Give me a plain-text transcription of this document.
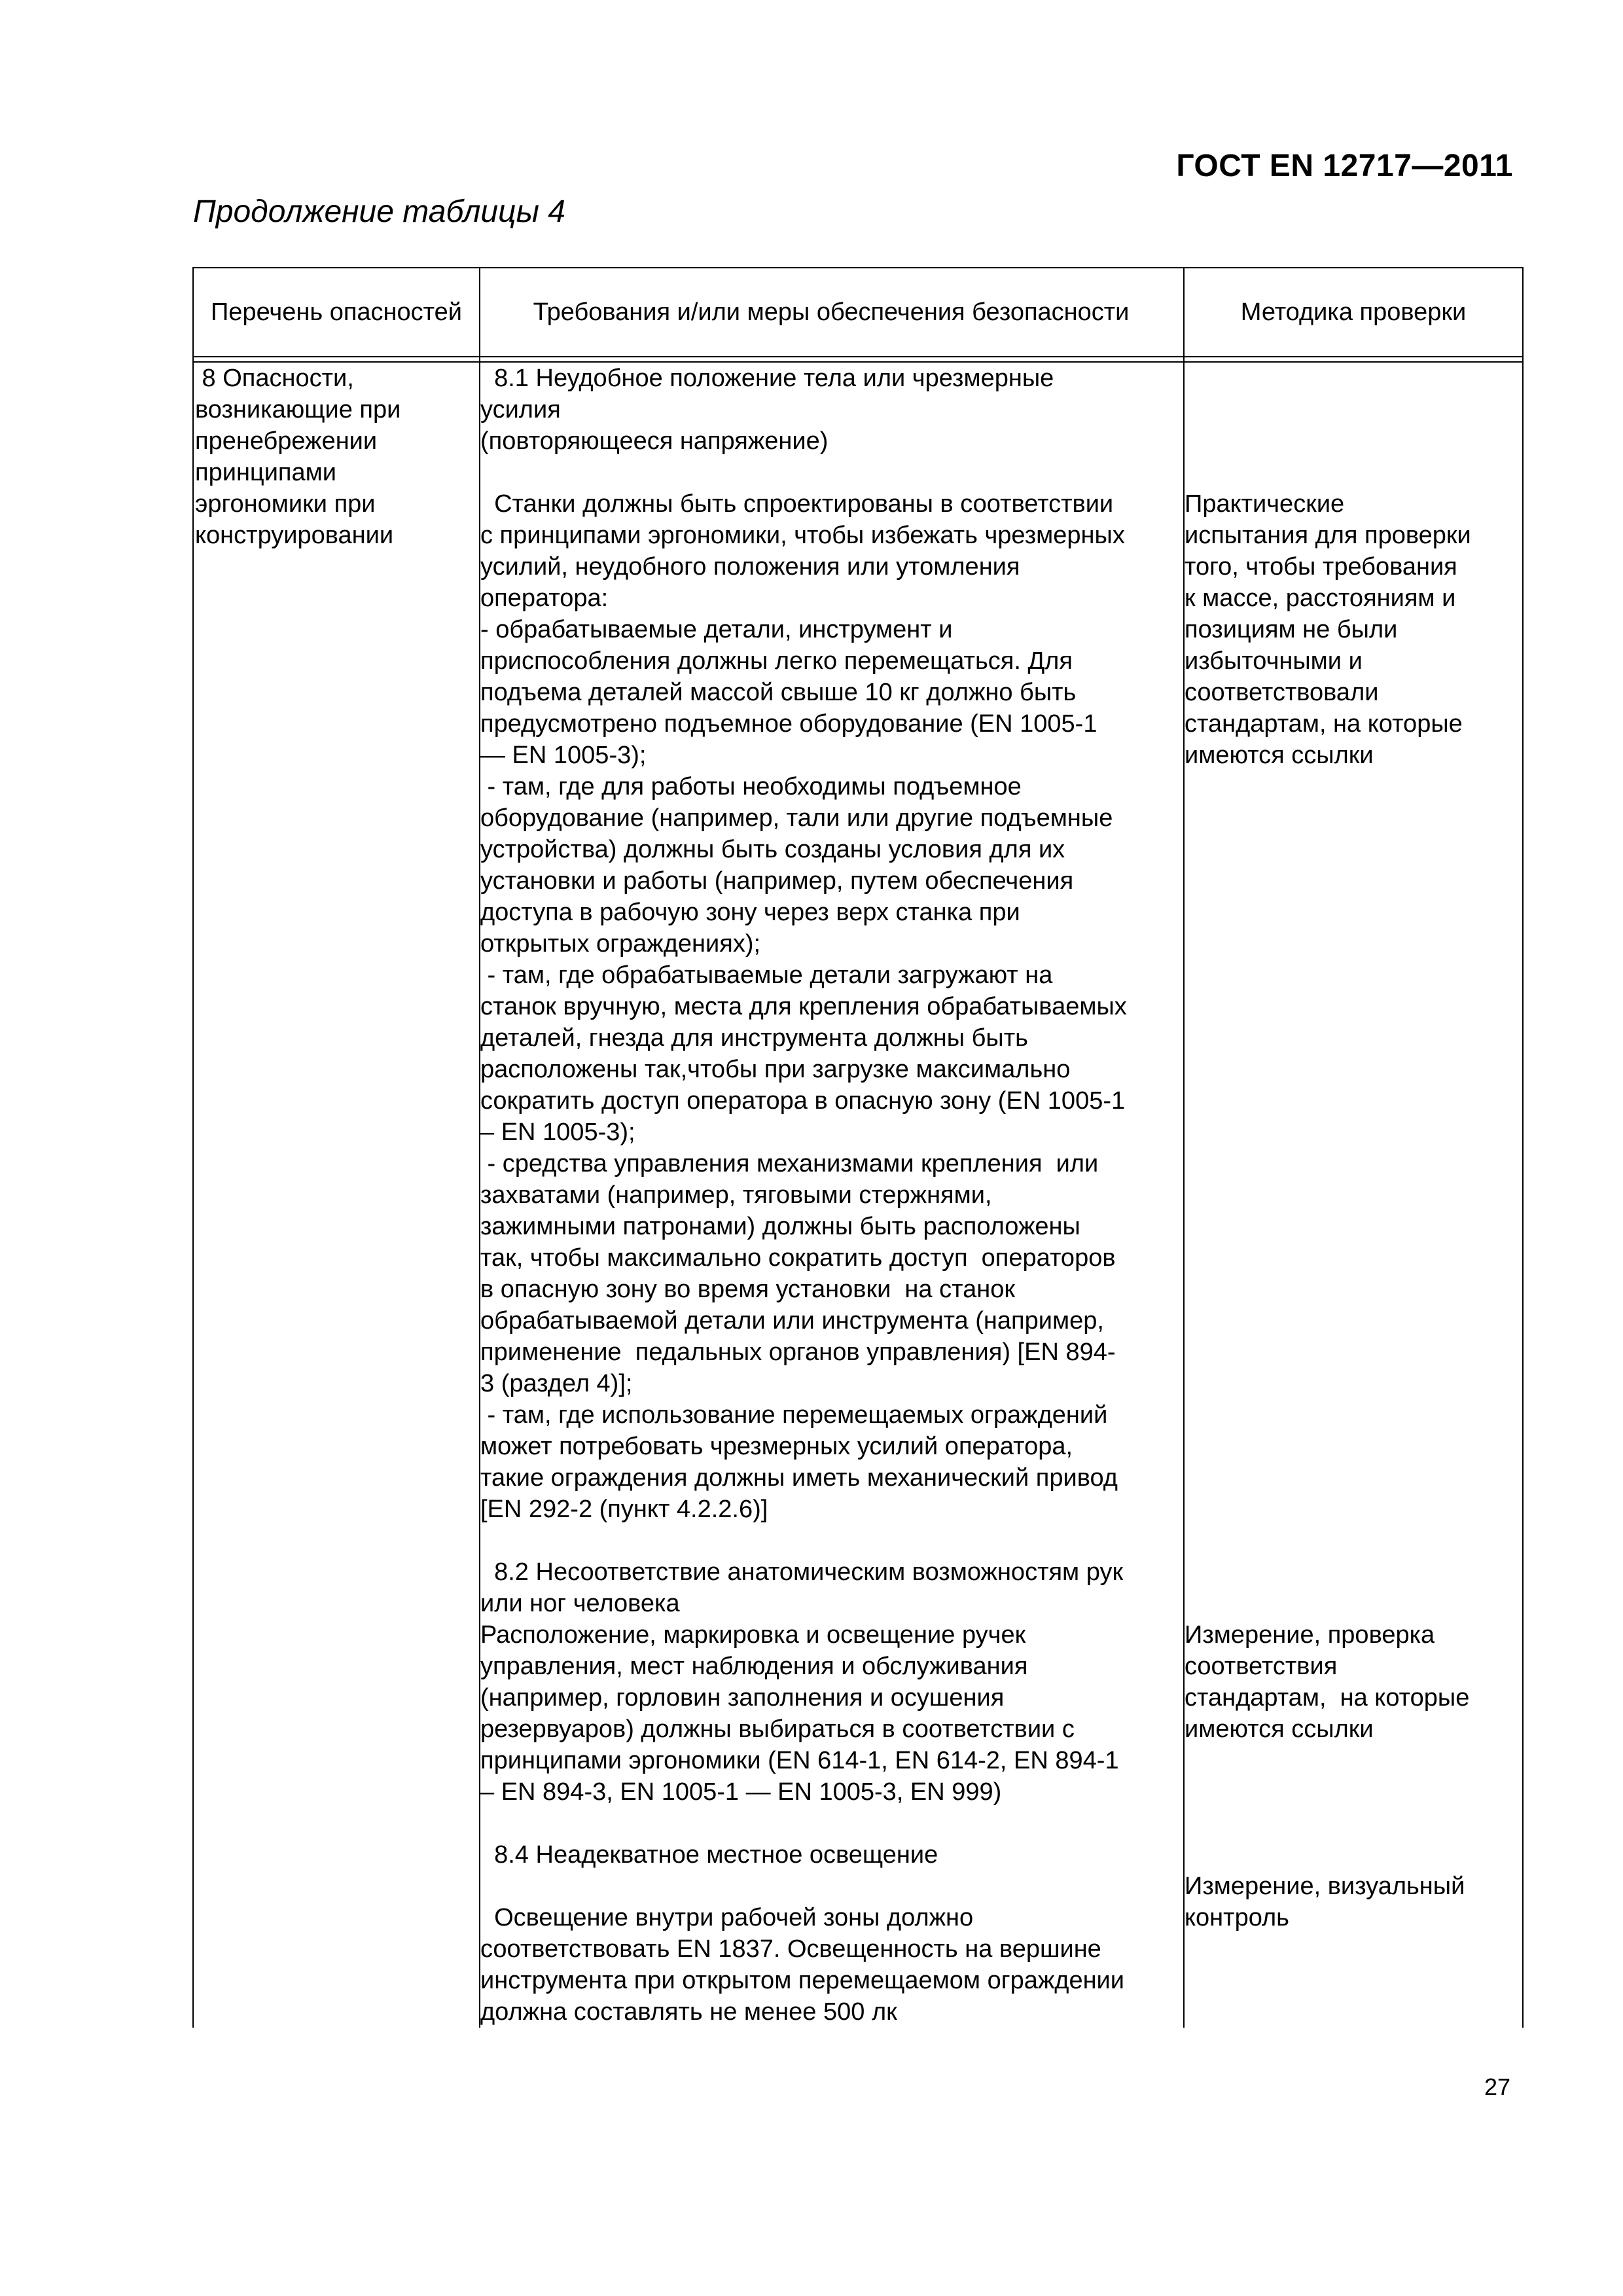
ГОСТ EN 12717—2011
Продолжение таблицы 4
Перечень опасностей	Требования и/или меры обеспечения безопасности	Методика проверки
8 Опасности,
возникающие при
пренебрежении
принципами
эргономики при
конструировании
8.1 Неудобное положение тела или чрезмерные
усилия
(повторяющееся напряжение)

Станки должны быть спроектированы в соответствии
с принципами эргономики, чтобы избежать чрезмерных
усилий, неудобного положения или утомления
оператора:
- обрабатываемые детали, инструмент и
приспособления должны легко перемещаться. Для
подъема деталей массой свыше 10 кг должно быть
предусмотрено подъемное оборудование (EN 1005-1
— EN 1005-3);
- там, где для работы необходимы подъемное
оборудование (например, тали или другие подъемные
устройства) должны быть созданы условия для их
установки и работы (например, путем обеспечения
доступа в рабочую зону через верх станка при
открытых ограждениях);
- там, где обрабатываемые детали загружают на
станок вручную, места для крепления обрабатываемых
деталей, гнезда для инструмента должны быть
расположены так,чтобы при загрузке максимально
сократить доступ оператора в опасную зону (EN 1005-1
– EN 1005-3);
- средства управления механизмами крепления  или
захватами (например, тяговыми стержнями,
зажимными патронами) должны быть расположены
так, чтобы максимально сократить доступ  операторов
в опасную зону во время установки  на станок
обрабатываемой детали или инструмента (например,
применение  педальных органов управления) [EN 894-
3 (раздел 4)];
- там, где использование перемещаемых ограждений
может потребовать чрезмерных усилий оператора,
такие ограждения должны иметь механический привод
[EN 292-2 (пункт 4.2.2.6)]

8.2 Несоответствие анатомическим возможностям рук
или ног человека
Расположение, маркировка и освещение ручек
управления, мест наблюдения и обслуживания
(например, горловин заполнения и осушения
резервуаров) должны выбираться в соответствии с
принципами эргономики (EN 614-1, EN 614-2, EN 894-1
– EN 894-3, EN 1005-1 — EN 1005-3, EN 999)

8.4 Неадекватное местное освещение

Освещение внутри рабочей зоны должно
соответствовать EN 1837. Освещенность на вершине
инструмента при открытом перемещаемом ограждении
должна составлять не менее 500 лк
Практические
испытания для проверки
того, чтобы требования
к массе, расстояниям и
позициям не были
избыточными и
соответствовали
стандартам, на которые
имеются ссылки
Измерение, проверка
соответствия
стандартам,  на которые
имеются ссылки
Измерение, визуальный
контроль
27
